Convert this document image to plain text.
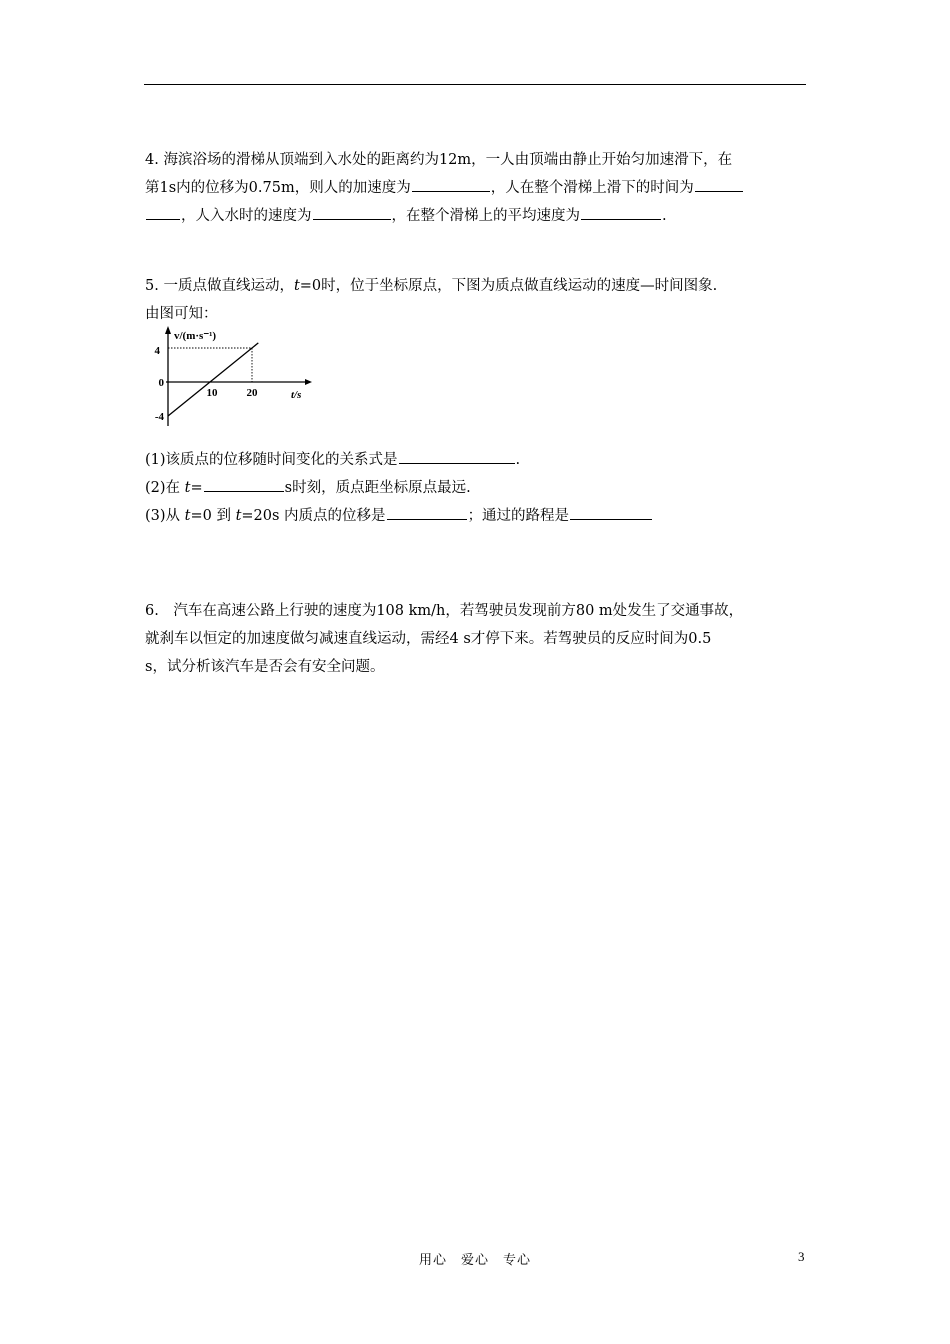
4. 海滨浴场的滑梯从顶端到入水处的距离约为12m，一人由顶端由静止开始匀加速滑下，在

第1s内的位移为0.75m，则人的加速度为	，人在整个滑梯上滑下的时间为

，人入水时的速度为	，在整个滑梯上的平均速度为	.

5. 一质点做直线运动，t=0时，位于坐标原点，下图为质点做直线运动的速度—时间图象.

由图可知：

v/(m·s⁻¹)
t/s
4
0
-4
10	20

(1)该质点的位移随时间变化的关系式是	.

(2)在 t=	s时刻，质点距坐标原点最远.

(3)从 t=0 到 t=20s 内质点的位移是	；通过的路程是

6.　汽车在高速公路上行驶的速度为108 km/h，若驾驶员发现前方80 m处发生了交通事故，

就刹车以恒定的加速度做匀减速直线运动，需经4 s才停下来。若驾驶员的反应时间为0.5

s，试分析该汽车是否会有安全问题。

用心　爱心　专心	3
